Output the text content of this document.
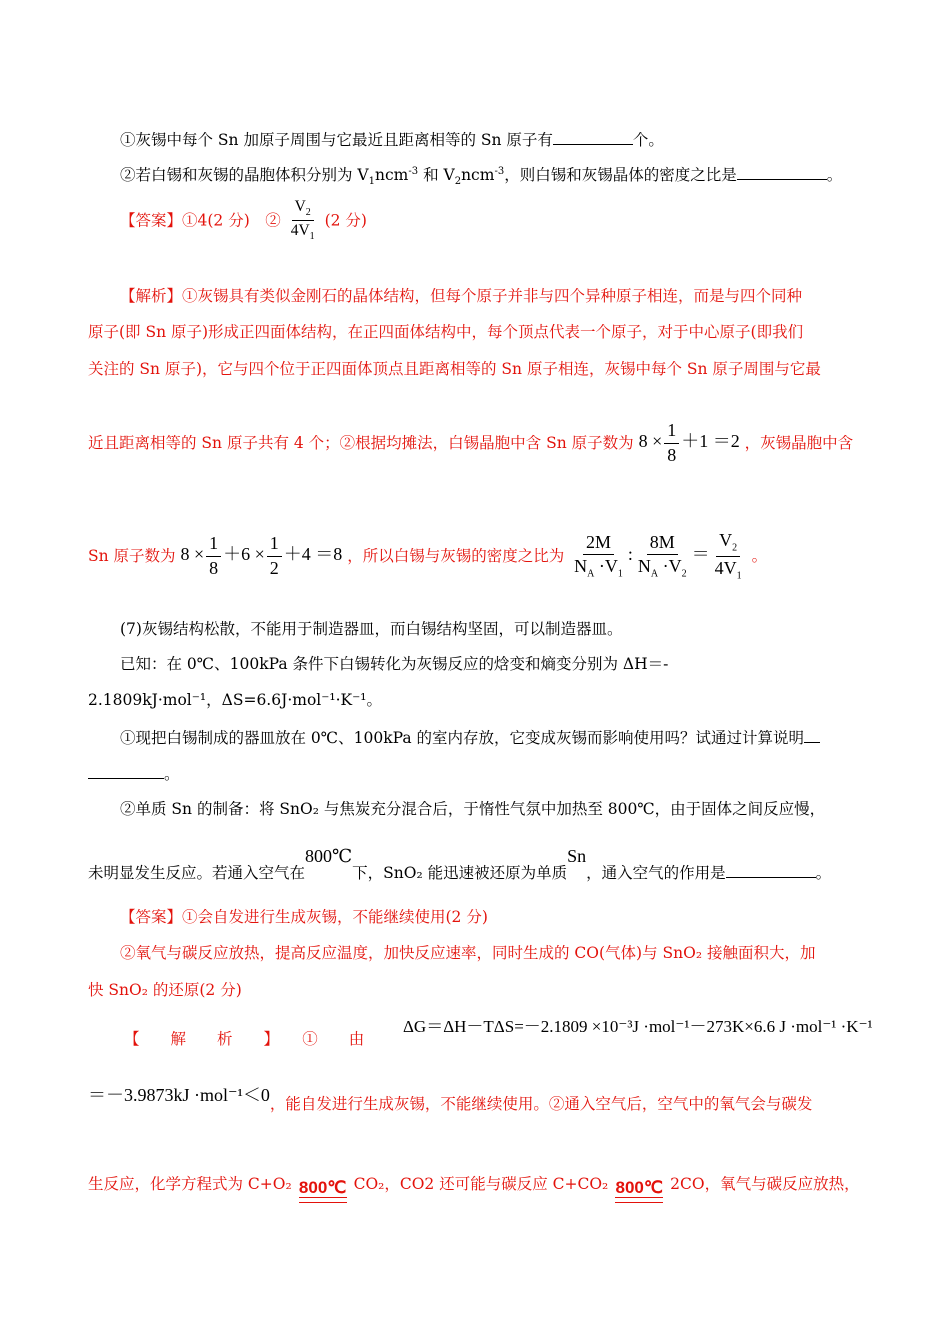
①灰锡中每个 Sn 加原子周围与它最近且距离相等的 Sn 原子有	个。
②若白锡和灰锡的晶胞体积分别为 $V_1ncm^{-3}$ 和 $V_2ncm^{-3}$，则白锡和灰锡晶体的密度之比是	。
【答案】①4(2 分)　② $\frac{V_2}{4V_1} (2$ 分)
【解析】①灰锡具有类似金刚石的晶体结构，但每个原子并非与四个异种原子相连，而是与四个同种
原子(即 Sn 原子)形成正四面体结构，在正四面体结构中，每个顶点代表一个原子，对于中心原子(即我们
关注的 Sn 原子)，它与四个位于正四面体顶点且距离相等的 Sn 原子相连，灰锡中每个 Sn 原子周围与它最
近且距离相等的 Sn 原子共有 4 个；②根据均摊法，白锡晶胞中含 Sn 原子数为 $8 \times \frac{1}{8} +1 =2$ ，灰锡晶胞中含
Sn 原子数为 $8 \times \frac{1}{8} +6 \times \frac{1}{2} +4 =8$ ，所以白锡与灰锡的密度之比为 $\frac{2M}{N_A \cdot V_1}$ : $\frac{8M}{N_A \cdot V_2} = \frac{V_2}{4V_1}$ 。
(7)灰锡结构松散，不能用于制造器皿，而白锡结构坚固，可以制造器皿。
已知：在 0℃、100kPa 条件下白锡转化为灰锡反应的焓变和熵变分别为 ΔH＝-
2.1809kJ·mol⁻¹，ΔS=6.6J·mol⁻¹·K⁻¹。
①现把白锡制成的器皿放在 0℃、100kPa 的室内存放，它变成灰锡而影响使用吗？试通过计算说明
。
②单质 Sn 的制备：将 SnO₂ 与焦炭充分混合后，于惰性气氛中加热至 800℃，由于固体之间反应慢，
未明显发生反应。若通入空气在800℃下，SnO₂ 能迅速被还原为单质Sn，通入空气的作用是	。
【答案】①会自发进行生成灰锡，不能继续使用(2 分)
②氧气与碳反应放热，提高反应温度，加快反应速率，同时生成的 CO(气体)与 SnO₂ 接触面积大，加
快 SnO₂ 的还原(2 分)
【　　解　　析　　】　　①　　由
ΔG＝ΔH－TΔS=－2.1809 ×10⁻³J ·mol⁻¹－273K×6.6 J ·mol⁻¹ ·K⁻¹
＝－3.9873kJ ·mol⁻¹＜0，能自发进行生成灰锡，不能继续使用。②通入空气后，空气中的氧气会与碳发
生反应，化学方程式为 C+O₂ 800℃ CO₂，CO2 还可能与碳反应 C+CO₂ 800℃ 2CO，氧气与碳反应放热，
